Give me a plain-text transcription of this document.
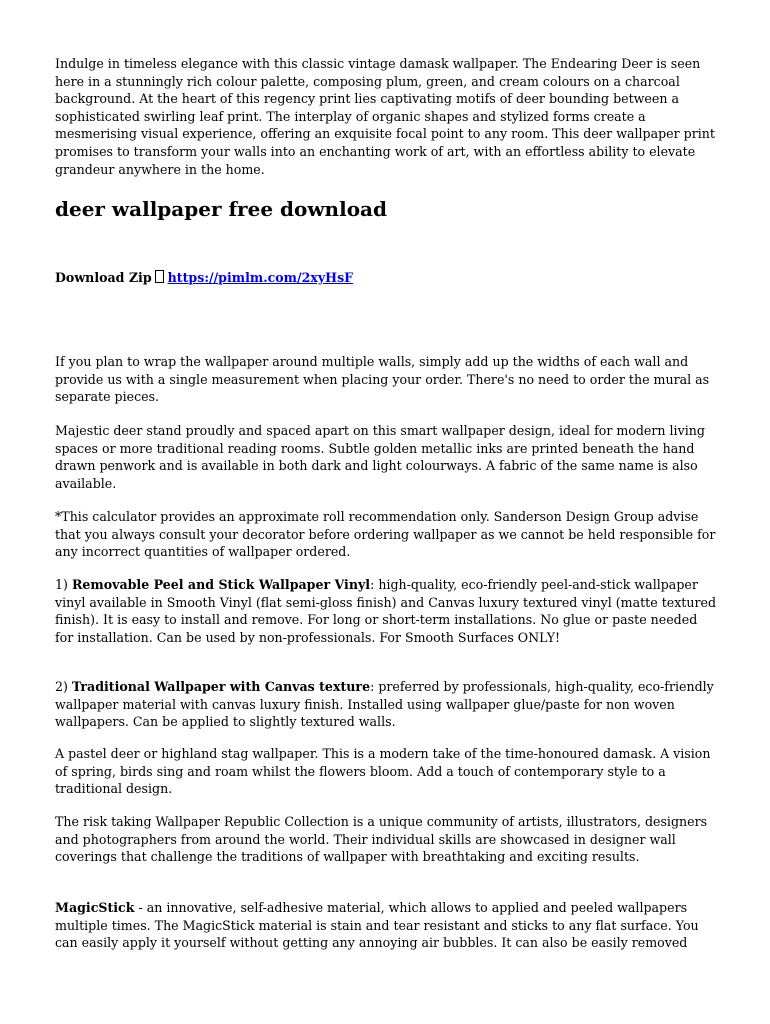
Indulge in timeless elegance with this classic vintage damask wallpaper. The Endearing Deer is seen here in a stunningly rich colour palette, composing plum, green, and cream colours on a charcoal background. At the heart of this regency print lies captivating motifs of deer bounding between a sophisticated swirling leaf print. The interplay of organic shapes and stylized forms create a mesmerising visual experience, offering an exquisite focal point to any room. This deer wallpaper print promises to transform your walls into an enchanting work of art, with an effortless ability to elevate grandeur anywhere in the home.

deer wallpaper free download
Download Zip https://pimlm.com/2xyHsF

If you plan to wrap the wallpaper around multiple walls, simply add up the widths of each wall and provide us with a single measurement when placing your order. There's no need to order the mural as separate pieces.

Majestic deer stand proudly and spaced apart on this smart wallpaper design, ideal for modern living spaces or more traditional reading rooms. Subtle golden metallic inks are printed beneath the hand drawn penwork and is available in both dark and light colourways. A fabric of the same name is also available.

*This calculator provides an approximate roll recommendation only. Sanderson Design Group advise that you always consult your decorator before ordering wallpaper as we cannot be held responsible for any incorrect quantities of wallpaper ordered.

1) Removable Peel and Stick Wallpaper Vinyl: high-quality, eco-friendly peel-and-stick wallpaper vinyl available in Smooth Vinyl (flat semi-gloss finish) and Canvas luxury textured vinyl (matte textured finish). It is easy to install and remove. For long or short-term installations. No glue or paste needed for installation. Can be used by non-professionals. For Smooth Surfaces ONLY!

2) Traditional Wallpaper with Canvas texture: preferred by professionals, high-quality, eco-friendly wallpaper material with canvas luxury finish. Installed using wallpaper glue/paste for non woven wallpapers. Can be applied to slightly textured walls.

A pastel deer or highland stag wallpaper. This is a modern take of the time-honoured damask. A vision of spring, birds sing and roam whilst the flowers bloom. Add a touch of contemporary style to a traditional design.

The risk taking Wallpaper Republic Collection is a unique community of artists, illustrators, designers and photographers from around the world. Their individual skills are showcased in designer wall coverings that challenge the traditions of wallpaper with breathtaking and exciting results.

MagicStick - an innovative, self-adhesive material, which allows to applied and peeled wallpapers multiple times. The MagicStick material is stain and tear resistant and sticks to any flat surface. You can easily apply it yourself without getting any annoying air bubbles. It can also be easily removed
